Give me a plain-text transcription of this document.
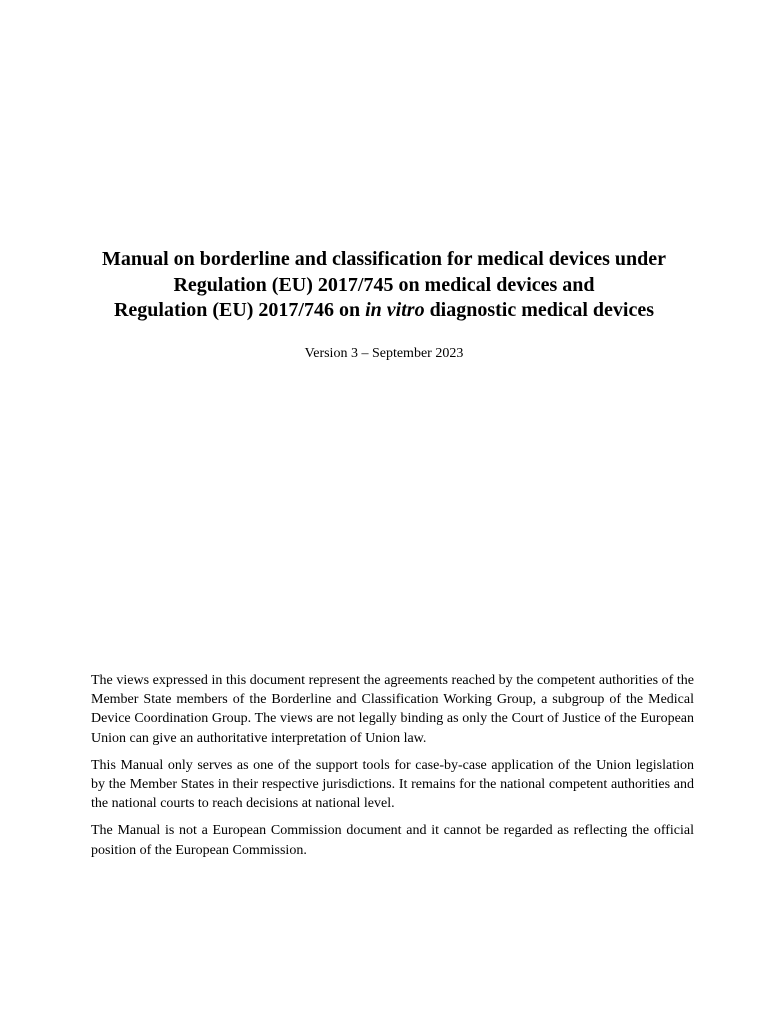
Manual on borderline and classification for medical devices under
Regulation (EU) 2017/745 on medical devices and
Regulation (EU) 2017/746 on in vitro diagnostic medical devices
Version 3 – September 2023

The views expressed in this document represent the agreements reached by the competent authorities of the Member State members of the Borderline and Classification Working Group, a subgroup of the Medical Device Coordination Group. The views are not legally binding as only the Court of Justice of the European Union can give an authoritative interpretation of Union law.

This Manual only serves as one of the support tools for case-by-case application of the Union legislation by the Member States in their respective jurisdictions. It remains for the national competent authorities and the national courts to reach decisions at national level.

The Manual is not a European Commission document and it cannot be regarded as reflecting the official position of the European Commission.
